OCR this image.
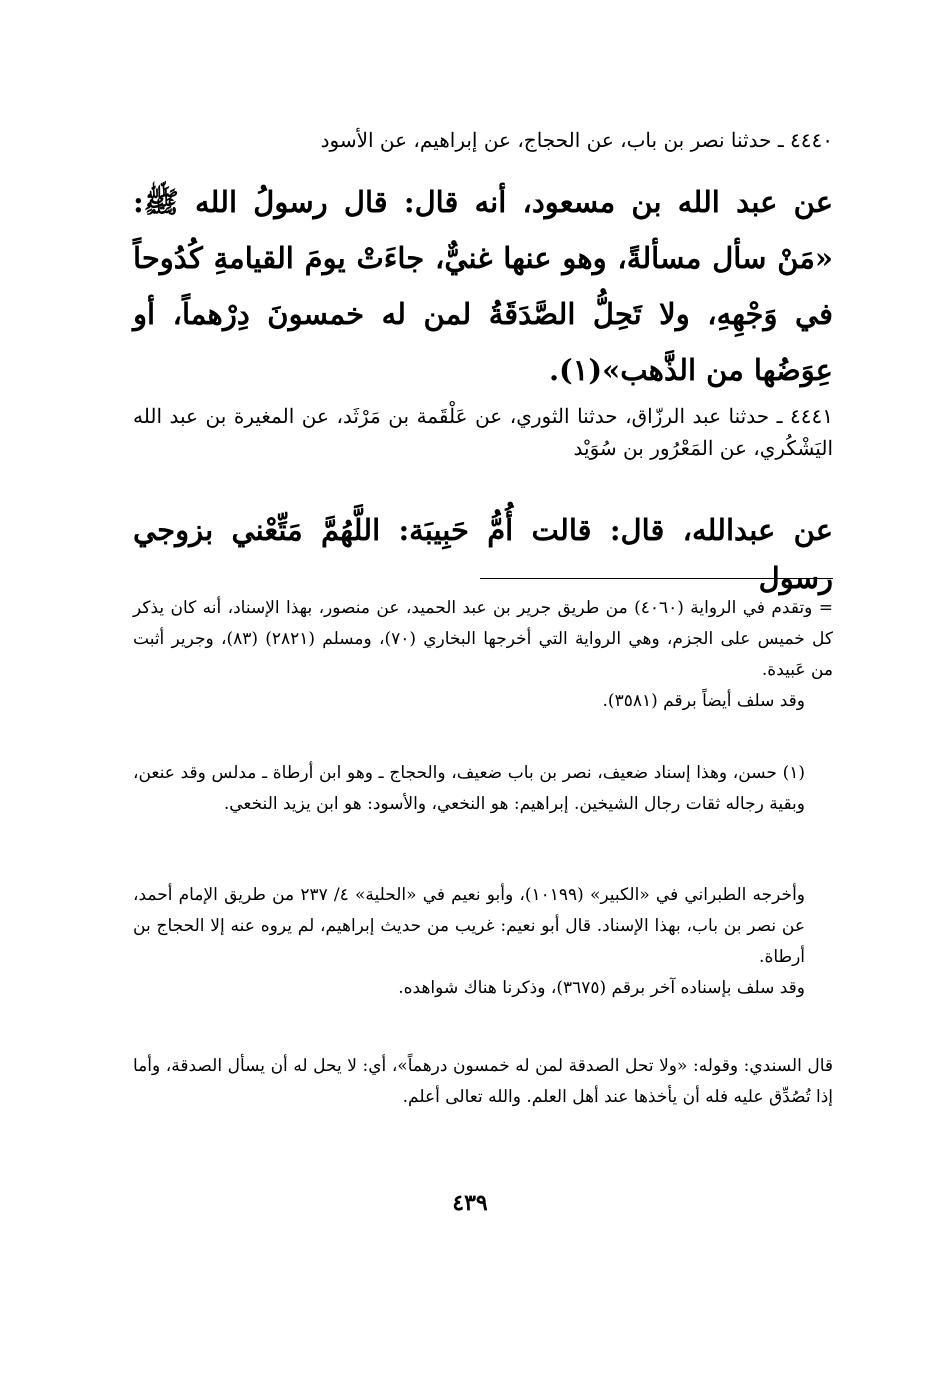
٤٤٤٠ ـ حدثنا نصر بن باب، عن الحجاج، عن إبراهيم، عن الأسود
عن عبد الله بن مسعود، أنه قال: قال رسولُ الله ﷺ: «مَنْ سأل مسألةً، وهو عنها غنيٌّ، جاءَتْ يومَ القيامةِ كُدُوحاً في وَجْهِهِ، ولا تَحِلُّ الصَّدَقَةُ لمن له خمسونَ دِرْهماً، أو عِوَضُها من الذَّهب»(١).
٤٤٤١ ـ حدثنا عبد الرزّاق، حدثنا الثوري، عن عَلْقَمة بن مَرْثَد، عن المغيرة بن عبد الله اليَشْكُري، عن المَعْرُور بن سُوَيْد
عن عبدالله، قال: قالت أُمُّ حَبِيبَة: اللَّهُمَّ مَتِّعْني بزوجي رسول

= وتقدم في الرواية (٤٠٦٠) من طريق جرير بن عبد الحميد، عن منصور، بهذا الإسناد، أنه كان يذكر كل خميس على الجزم، وهي الرواية التي أخرجها البخاري (٧٠)، ومسلم (٢٨٢١) (٨٣)، وجرير أثبت من عَبيدة.

وقد سلف أيضاً برقم (٣٥٨١).

(١) حسن، وهذا إسناد ضعيف، نصر بن باب ضعيف، والحجاج ـ وهو ابن أرطاة ـ مدلس وقد عنعن، وبقية رجاله ثقات رجال الشيخين. إبراهيم: هو النخعي، والأسود: هو ابن يزيد النخعي.

وأخرجه الطبراني في «الكبير» (١٠١٩٩)، وأبو نعيم في «الحلية» ٤/ ٢٣٧ من طريق الإمام أحمد، عن نصر بن باب، بهذا الإسناد. قال أبو نعيم: غريب من حديث إبراهيم، لم يروه عنه إلا الحجاج بن أرطاة.

وقد سلف بإسناده آخر برقم (٣٦٧٥)، وذكرنا هناك شواهده.

قال السندي: وقوله: «ولا تحل الصدقة لمن له خمسون درهماً»، أي: لا يحل له أن يسأل الصدقة، وأما إذا تُصُدِّق عليه فله أن يأخذها عند أهل العلم. والله تعالى أعلم.

٤٣٩
